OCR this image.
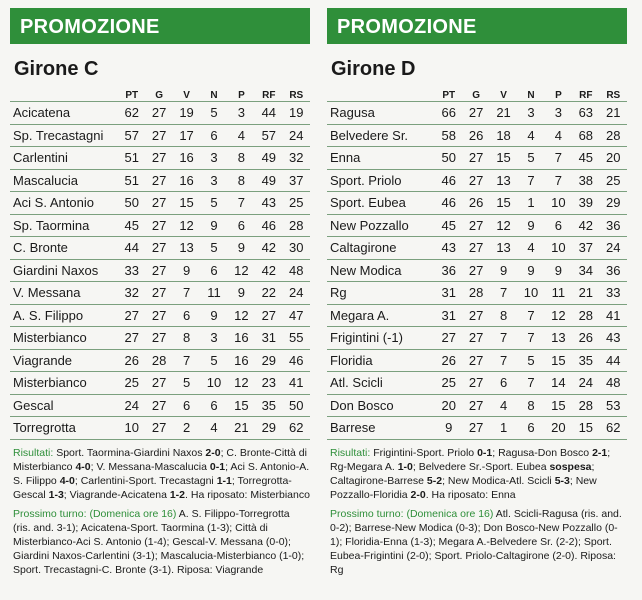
PROMOZIONE
Girone C
	PT	G	V	N	P	RF	RS
Acicatena	62	27	19	5	3	44	19
Sp. Trecastagni	57	27	17	6	4	57	24
Carlentini	51	27	16	3	8	49	32
Mascalucia	51	27	16	3	8	49	37
Aci S. Antonio	50	27	15	5	7	43	25
Sp. Taormina	45	27	12	9	6	46	28
C. Bronte	44	27	13	5	9	42	30
Giardini Naxos	33	27	9	6	12	42	48
V. Messana	32	27	7	11	9	22	24
A. S. Filippo	27	27	6	9	12	27	47
Misterbianco	27	27	8	3	16	31	55
Viagrande	26	28	7	5	16	29	46
Misterbianco	25	27	5	10	12	23	41
Gescal	24	27	6	6	15	35	50
Torregrotta	10	27	2	4	21	29	62
Risultati: Sport. Taormina-Giardini Naxos 2-0; C. Bronte-Città di Misterbianco 4-0; V. Messana-Mascalucia 0-1; Aci S. Antonio-A. S. Filippo 4-0; Carlentini-Sport. Trecastagni 1-1; Torregrotta-Gescal 1-3; Viagrande-Acicatena 1-2. Ha riposato: Misterbianco
Prossimo turno: (Domenica ore 16) A. S. Filippo-Torregrotta (ris. and. 3-1); Acicatena-Sport. Taormina (1-3); Città di Misterbianco-Aci S. Antonio (1-4); Gescal-V. Messana (0-0); Giardini Naxos-Carlentini (3-1); Mascalucia-Misterbianco (1-0); Sport. Trecastagni-C. Bronte (3-1). Riposa: Viagrande
PROMOZIONE
Girone D
	PT	G	V	N	P	RF	RS
Ragusa	66	27	21	3	3	63	21
Belvedere Sr.	58	26	18	4	4	68	28
Enna	50	27	15	5	7	45	20
Sport. Priolo	46	27	13	7	7	38	25
Sport. Eubea	46	26	15	1	10	39	29
New Pozzallo	45	27	12	9	6	42	36
Caltagirone	43	27	13	4	10	37	24
New Modica	36	27	9	9	9	34	36
Rg	31	28	7	10	11	21	33
Megara A.	31	27	8	7	12	28	41
Frigintini (-1)	27	27	7	7	13	26	43
Floridia	26	27	7	5	15	35	44
Atl. Scicli	25	27	6	7	14	24	48
Don Bosco	20	27	4	8	15	28	53
Barrese	9	27	1	6	20	15	62
Risultati: Frigintini-Sport. Priolo 0-1; Ragusa-Don Bosco 2-1; Rg-Megara A. 1-0; Belvedere Sr.-Sport. Eubea sospesa; Caltagirone-Barrese 5-2; New Modica-Atl. Scicli 5-3; New Pozzallo-Floridia 2-0. Ha riposato: Enna
Prossimo turno: (Domenica ore 16) Atl. Scicli-Ragusa (ris. and. 0-2); Barrese-New Modica (0-3); Don Bosco-New Pozzallo (0-1); Floridia-Enna (1-3); Megara A.-Belvedere Sr. (2-2); Sport. Eubea-Frigintini (2-0); Sport. Priolo-Caltagirone (2-0). Riposa: Rg
